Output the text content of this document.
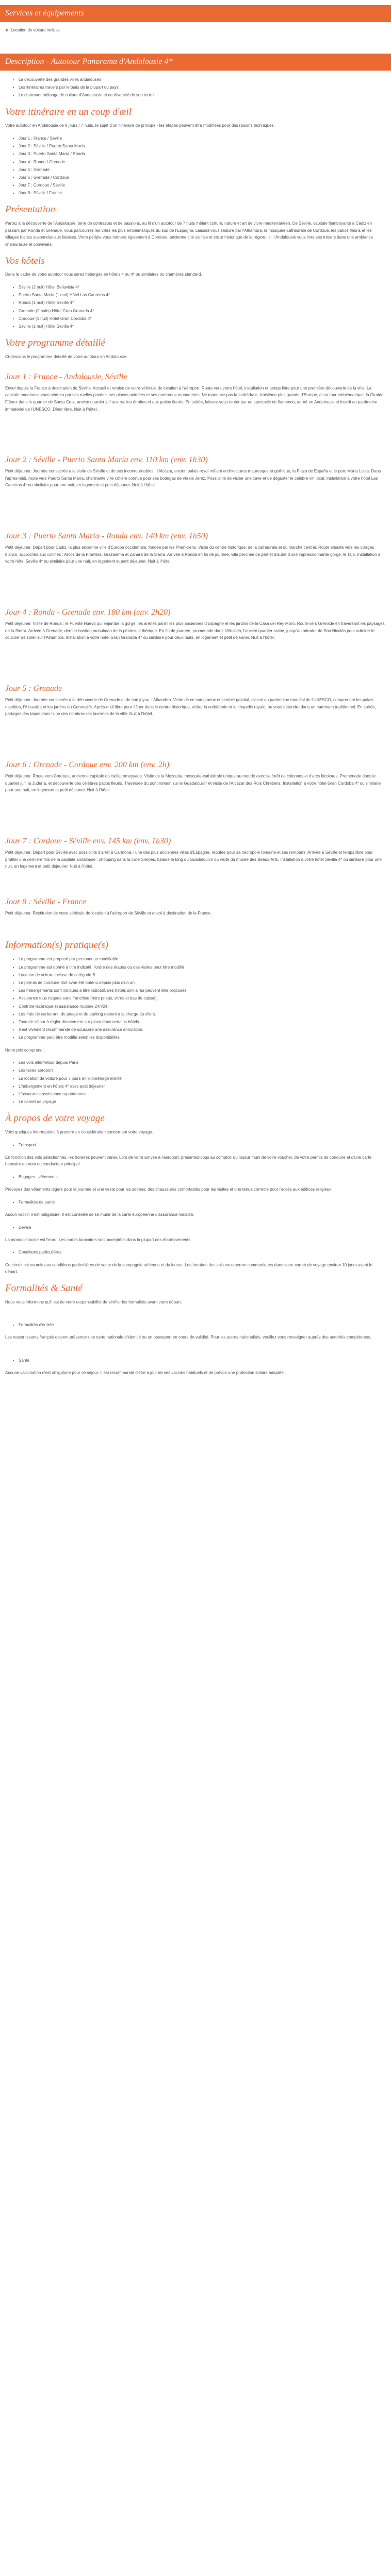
Services et équipements
● Location de voiture incluse
Description - Autotour Panorama d'Andalousie 4*
• La découverte des grandes villes andalouses
• Les itinéraires travers par le biais de la plupart du pays
• Le charmant mélange de culture d'Andalousie et de diversité de son terroir
Votre itinéraire en un coup d'œil

Votre autotour en Andalousie de 8 jours / 7 nuits, le sujet d'un itinéraire de principe - les étapes peuvent être modifiées pour des raisons techniques.

• Jour 1 : France / Séville
• Jour 2 : Séville / Puerto Santa María
• Jour 3 : Puerto Santa María / Ronda
• Jour 4 : Ronda / Grenade
• Jour 5 : Grenade
• Jour 6 : Grenade / Cordoue
• Jour 7 : Cordoue / Séville
• Jour 8 : Séville / France
Présentation

Partez à la découverte de l'Andalousie, terre de contrastes et de passions, au fil d'un autotour de 7 nuits mêlant culture, nature et art de vivre méditerranéen. De Séville, capitale flamboyante à Cádiz en passant par Ronda et Grenade, vous parcourrez les villes les plus emblématiques du sud de l'Espagne. Laissez-vous séduire par l'Alhambra, la mosquée-cathédrale de Cordoue, les patios fleuris et les villages blancs suspendus aux falaises. Votre périple vous mènera également à Cordoue, ancienne cité califale et cœur historique de la région. Ici, l'Andalousie vous livre ses trésors dans une ambiance chaleureuse et conviviale.

Vos hôtels

Dans le cadre de votre autotour vous serez hébergés en hôtels 4 ou 4* ou similaires ou chambres standard.

• Séville (2 nuit) Hôtel Bellavista 4*
• Puerto Santa María (1 nuit) Hôtel Las Canteras 4*
• Ronda (1 nuit) Hôtel Seville 4*
• Grenade (2 nuits) Hôtel Gran Granada 4*
• Cordoue (1 nuit) Hôtel Gran Cordoba 4*
• Séville (1 nuit) Hôtel Sevilla 4*
Votre programme détaillé

Ci-dessous le programme détaillé de votre autotour en Andalousie.

Jour 1 : France - Andalousie, Séville

Envol depuis la France à destination de Séville. Accueil et remise de votre véhicule de location à l'aéroport. Route vers votre hôtel, installation et temps libre pour une première découverte de la ville. La capitale andalouse vous séduira par ses ruelles pavées, ses places animées et ses nombreux monuments. Ne manquez pas la cathédrale, troisième plus grande d'Europe, et sa tour emblématique, la Giralda. Flânez dans le quartier de Santa Cruz, ancien quartier juif aux ruelles étroites et aux patios fleuris. En soirée, laissez-vous tenter par un spectacle de flamenco, art né en Andalousie et inscrit au patrimoine immatériel de l'UNESCO. Dîner libre. Nuit à l'hôtel.

Jour 2 : Séville - Puerto Santa María env. 110 km (env. 1h30)

Petit déjeuner. Journée consacrée à la visite de Séville et de ses incontournables : l'Alcázar, ancien palais royal mêlant architectures mauresque et gothique, la Plaza de España et le parc María Luisa. Dans l'après-midi, route vers Puerto Santa María, charmante ville côtière connue pour ses bodegas de vin de Jerez. Possibilité de visiter une cave et de déguster le célèbre vin local. Installation à votre hôtel Las Canteras 4* ou similaire pour une nuit, en logement et petit déjeuner. Nuit à l'hôtel.

Jour 3 : Puerto Santa María - Ronda env. 140 km (env. 1h50)

Petit déjeuner. Départ pour Cádiz, la plus ancienne ville d'Europe occidentale, fondée par les Phéniciens. Visite du centre historique, de la cathédrale et du marché central. Route ensuite vers les villages blancs, accrochés aux collines : Arcos de la Frontera, Grazalema et Zahara de la Sierra. Arrivée à Ronda en fin de journée, ville perchée de part et d'autre d'une impressionnante gorge, le Tajo. Installation à votre hôtel Seville 4* ou similaire pour une nuit, en logement et petit déjeuner. Nuit à l'hôtel.

Jour 4 : Ronda - Grenade env. 180 km (env. 2h20)

Petit déjeuner. Visite de Ronda : le Puente Nuevo qui enjambe la gorge, les arènes parmi les plus anciennes d'Espagne et les jardins de la Casa del Rey Moro. Route vers Grenade en traversant les paysages de la Sierra. Arrivée à Grenade, dernier bastion musulman de la péninsule Ibérique. En fin de journée, promenade dans l'Albaicín, l'ancien quartier arabe, jusqu'au mirador de San Nicolás pour admirer le coucher de soleil sur l'Alhambra. Installation à votre hôtel Gran Granada 4* ou similaire pour deux nuits, en logement et petit déjeuner. Nuit à l'hôtel.

Jour 5 : Grenade

Petit déjeuner. Journée consacrée à la découverte de Grenade et de son joyau, l'Alhambra. Visite de ce somptueux ensemble palatial, classé au patrimoine mondial de l'UNESCO, comprenant les palais nasrides, l'Alcazaba et les jardins du Generalife. Après-midi libre pour flâner dans le centre historique, visiter la cathédrale et la chapelle royale, ou vous détendre dans un hammam traditionnel. En soirée, partagez des tapas dans l'une des nombreuses tavernes de la ville. Nuit à l'hôtel.

Jour 6 : Grenade - Cordoue env. 200 km (env. 2h)

Petit déjeuner. Route vers Cordoue, ancienne capitale du califat omeyyade. Visite de la Mezquita, mosquée-cathédrale unique au monde avec sa forêt de colonnes et d'arcs bicolores. Promenade dans le quartier juif, la Judería, et découverte des célèbres patios fleuris. Traversée du pont romain sur le Guadalquivir et visite de l'Alcázar des Rois Chrétiens. Installation à votre hôtel Gran Cordoba 4* ou similaire pour une nuit, en logement et petit déjeuner. Nuit à l'hôtel.

Jour 7 : Cordoue - Séville env. 145 km (env. 1h30)

Petit déjeuner. Départ pour Séville avec possibilité d'arrêt à Carmona, l'une des plus anciennes villes d'Espagne, réputée pour sa nécropole romaine et ses remparts. Arrivée à Séville et temps libre pour profiter une dernière fois de la capitale andalouse : shopping dans la calle Sierpes, balade le long du Guadalquivir ou visite du musée des Beaux-Arts. Installation à votre hôtel Sevilla 4* ou similaire pour une nuit, en logement et petit déjeuner. Nuit à l'hôtel.

Jour 8 : Séville - France

Petit déjeuner. Restitution de votre véhicule de location à l'aéroport de Séville et envol à destination de la France.

Information(s) pratique(s)
• Le programme est proposé par personne et modifiable.
• Le programme est donné à titre indicatif, l'ordre des étapes ou des visites peut être modifié.
• Location de voiture incluse de catégorie B.
• Le permis de conduire doit avoir été obtenu depuis plus d'un an.
• Les hébergements sont indiqués à titre indicatif, des hôtels similaires peuvent être proposés.
• Assurance tous risques sans franchise (hors pneus, vitres et bas de caisse).
• Contrôle technique et assistance routière 24h/24.
• Les frais de carburant, de péage et de parking restent à la charge du client.
• Taxe de séjour à régler directement sur place dans certains hôtels.
• Il est vivement recommandé de souscrire une assurance annulation.
• Le programme peut être modifié selon les disponibilités.

Notre prix comprend :

• Les vols aller/retour depuis Paris
• Les taxes aéroport
• La location de voiture pour 7 jours en kilométrage illimité
• L'hébergement en hôtels 4* avec petit déjeuner
• L'assurance assistance rapatriement
• Le carnet de voyage
À propos de votre voyage

Voici quelques informations à prendre en considération concernant votre voyage.

• Transport

En fonction des vols sélectionnés, les horaires peuvent varier. Lors de votre arrivée à l'aéroport, présentez-vous au comptoir du loueur muni de votre voucher, de votre permis de conduire et d'une carte bancaire au nom du conducteur principal.

• Bagages - vêtements

Prévoyez des vêtements légers pour la journée et une veste pour les soirées, des chaussures confortables pour les visites et une tenue correcte pour l'accès aux édifices religieux.

• Formalités de santé

Aucun vaccin n'est obligatoire. Il est conseillé de se munir de la carte européenne d'assurance maladie.

• Devise

La monnaie locale est l'euro. Les cartes bancaires sont acceptées dans la plupart des établissements.

• Conditions particulières

Ce circuit est soumis aux conditions particulières de vente de la compagnie aérienne et du loueur. Les horaires des vols vous seront communiqués dans votre carnet de voyage environ 10 jours avant le départ.

Formalités & Santé

Nous vous informons qu'il est de votre responsabilité de vérifier les formalités avant votre départ.

• Formalités d'entrée

Les ressortissants français doivent présenter une carte nationale d'identité ou un passeport en cours de validité. Pour les autres nationalités, veuillez vous renseigner auprès des autorités compétentes.

• Santé

Aucune vaccination n'est obligatoire pour ce séjour. Il est recommandé d'être à jour de ses vaccins habituels et de prévoir une protection solaire adaptée.
